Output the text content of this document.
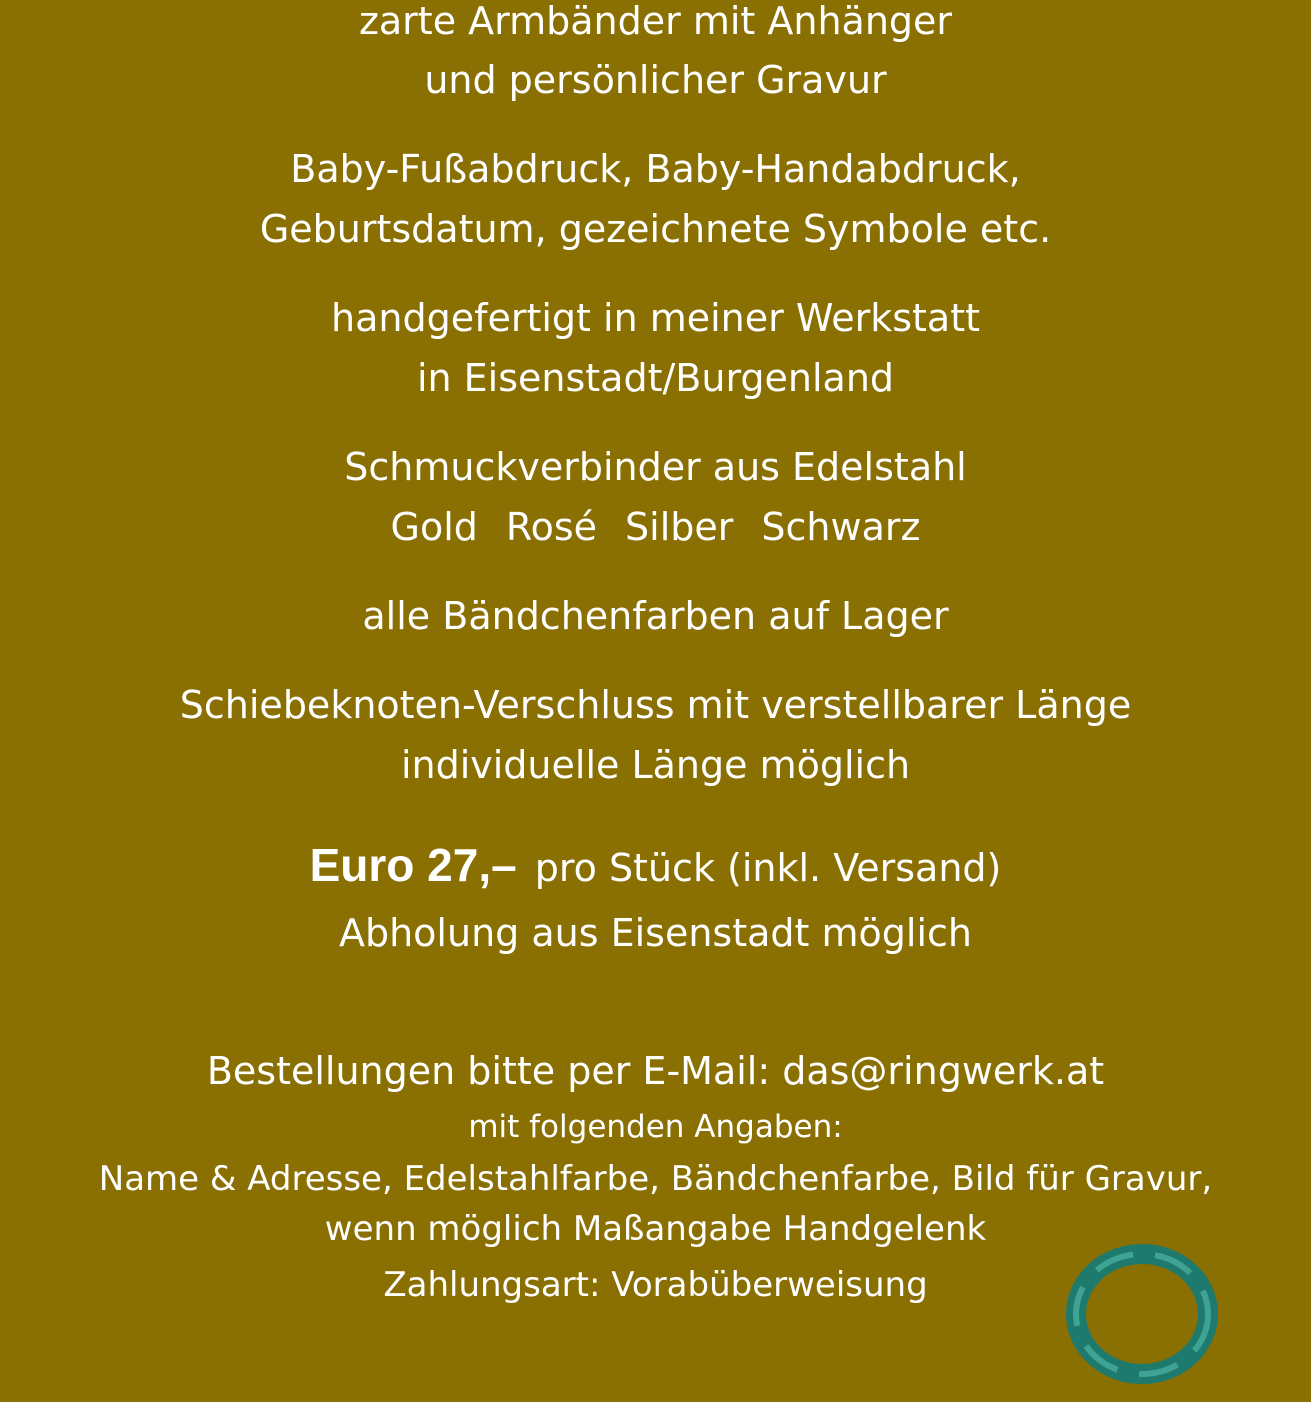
zarte Armbänder mit Anhänger
und persönlicher Gravur
Baby-Fußabdruck, Baby-Handabdruck,
Geburtsdatum, gezeichnete Symbole etc.
handgefertigt in meiner Werkstatt
in Eisenstadt/Burgenland
Schmuckverbinder aus Edelstahl
Gold Rosé Silber Schwarz
alle Bändchenfarben auf Lager
Schiebeknoten-Verschluss mit verstellbarer Länge
individuelle Länge möglich
Euro 27,– pro Stück (inkl. Versand)
Abholung aus Eisenstadt möglich
Bestellungen bitte per E-Mail: das@ringwerk.at
mit folgenden Angaben:
Name & Adresse, Edelstahlfarbe, Bändchenfarbe, Bild für Gravur,
wenn möglich Maßangabe Handgelenk
Zahlungsart: Vorabüberweisung
